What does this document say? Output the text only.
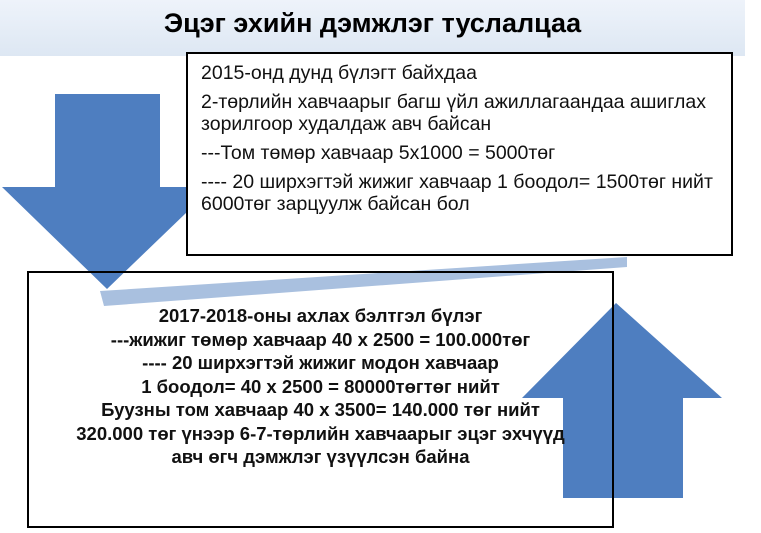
Эцэг эхийн дэмжлэг туслалцаа

2015-онд дунд бүлэгт байхдаа

2-төрлийн хавчаарыг багш үйл ажиллагаандаа ашиглах зорилгоор худалдаж авч байсан

---Том төмөр хавчаар 5х1000 = 5000төг

---- 20 ширхэгтэй жижиг хавчаар 1 боодол= 1500төг нийт 6000төг зарцуулж байсан бол

2017-2018-оны ахлах бэлтгэл бүлэг
---жижиг төмөр хавчаар 40 х 2500 = 100.000төг
---- 20 ширхэгтэй жижиг модон хавчаар
1 боодол= 40 х 2500 = 80000төгтөг нийт
Буузны том хавчаар 40 х 3500= 140.000 төг нийт
320.000 төг үнээр 6-7-төрлийн хавчаарыг эцэг эхчүүд
авч өгч дэмжлэг үзүүлсэн байна
